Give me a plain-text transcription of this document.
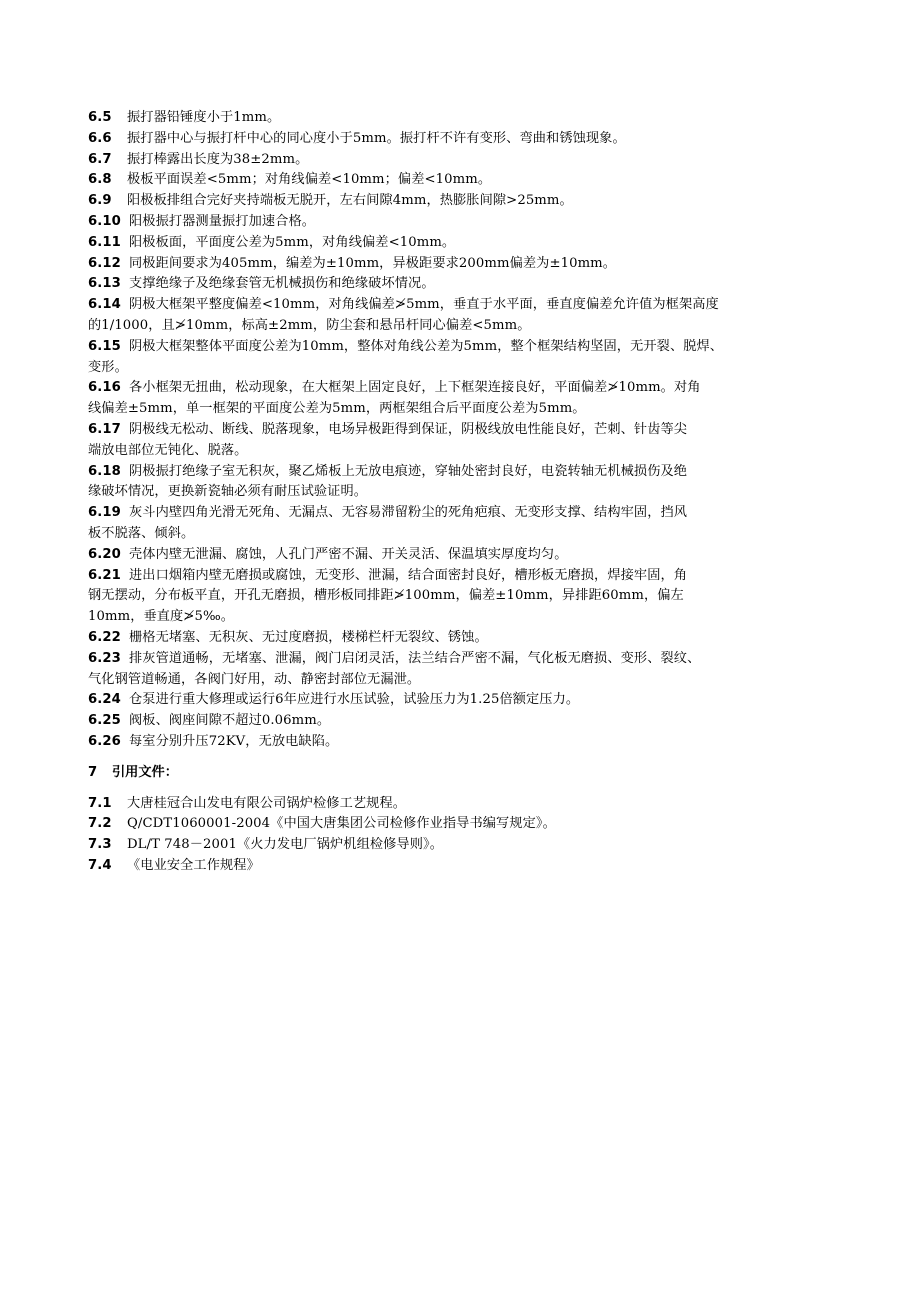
6.5 振打器铅锤度小于1mm。
6.6 振打器中心与振打杆中心的同心度小于5mm。振打杆不许有变形、弯曲和锈蚀现象。
6.7 振打棒露出长度为38±2mm。
6.8 极板平面误差<5mm；对角线偏差<10mm；偏差<10mm。
6.9 阳极板排组合完好夹持端板无脱开，左右间隙4mm，热膨胀间隙>25mm。
6.10 阳极振打器测量振打加速合格。
6.11 阳极板面，平面度公差为5mm，对角线偏差<10mm。
6.12 同极距间要求为405mm，编差为±10mm，异极距要求200mm偏差为±10mm。
6.13 支撑绝缘子及绝缘套管无机械损伤和绝缘破坏情况。
6.14 阴极大框架平整度偏差<10mm，对角线偏差≯5mm，垂直于水平面，垂直度偏差允许值为框架高度
的1/1000，且≯10mm，标高±2mm，防尘套和悬吊杆同心偏差<5mm。
6.15 阴极大框架整体平面度公差为10mm，整体对角线公差为5mm，整个框架结构坚固，无开裂、脱焊、
变形。
6.16 各小框架无扭曲，松动现象，在大框架上固定良好，上下框架连接良好，平面偏差≯10mm。对角
线偏差±5mm，单一框架的平面度公差为5mm，两框架组合后平面度公差为5mm。
6.17 阴极线无松动、断线、脱落现象，电场异极距得到保证，阴极线放电性能良好，芒刺、针齿等尖
端放电部位无钝化、脱落。
6.18 阴极振打绝缘子室无积灰，聚乙烯板上无放电痕迹，穿轴处密封良好，电瓷转轴无机械损伤及绝
缘破坏情况，更换新瓷轴必须有耐压试验证明。
6.19 灰斗内壁四角光滑无死角、无漏点、无容易滞留粉尘的死角疤痕、无变形支撑、结构牢固，挡风
板不脱落、倾斜。
6.20 壳体内壁无泄漏、腐蚀，人孔门严密不漏、开关灵活、保温填实厚度均匀。
6.21 进出口烟箱内壁无磨损或腐蚀，无变形、泄漏，结合面密封良好，槽形板无磨损，焊接牢固，角
钢无摆动，分布板平直，开孔无磨损，槽形板同排距≯100mm，偏差±10mm，异排距60mm，偏左
10mm，垂直度≯5‰。
6.22 栅格无堵塞、无积灰、无过度磨损，楼梯栏杆无裂纹、锈蚀。
6.23 排灰管道通畅，无堵塞、泄漏，阀门启闭灵活，法兰结合严密不漏，气化板无磨损、变形、裂纹、
气化钢管道畅通，各阀门好用，动、静密封部位无漏泄。
6.24 仓泵进行重大修理或运行6年应进行水压试验，试验压力为1.25倍额定压力。
6.25 阀板、阀座间隙不超过0.06mm。
6.26 每室分别升压72KV，无放电缺陷。
7 引用文件：
7.1 大唐桂冠合山发电有限公司锅炉检修工艺规程。
7.2 Q/CDT1060001-2004《中国大唐集团公司检修作业指导书编写规定》。
7.3 DL/T 748－2001《火力发电厂锅炉机组检修导则》。
7.4 《电业安全工作规程》
